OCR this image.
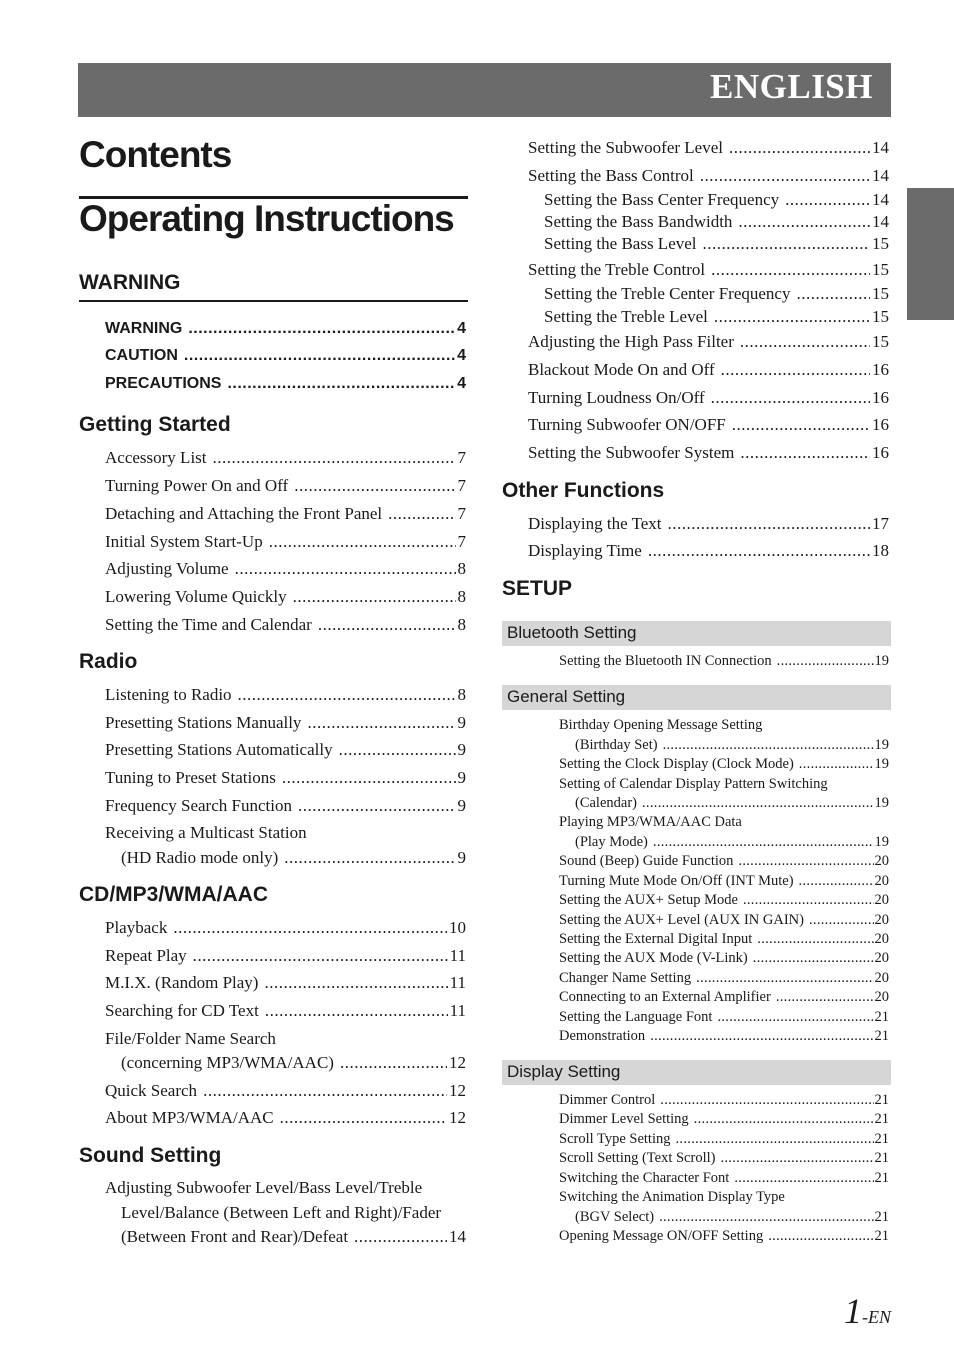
ENGLISH
Contents
Operating Instructions
WARNING
WARNING .....	4
CAUTION .....	4
PRECAUTIONS .....	4
Getting Started
Accessory List .....	7
Turning Power On and Off .....	7
Detaching and Attaching the Front Panel .....	7
Initial System Start-Up .....	7
Adjusting Volume .....	8
Lowering Volume Quickly .....	8
Setting the Time and Calendar .....	8
Radio
Listening to Radio .....	8
Presetting Stations Manually .....	9
Presetting Stations Automatically .....	9
Tuning to Preset Stations .....	9
Frequency Search Function .....	9
Receiving a Multicast Station
(HD Radio mode only) .....	9
CD/MP3/WMA/AAC
Playback .....	10
Repeat Play .....	11
M.I.X. (Random Play) .....	11
Searching for CD Text .....	11
File/Folder Name Search
(concerning MP3/WMA/AAC) .....	12
Quick Search .....	12
About MP3/WMA/AAC .....	12
Sound Setting
Adjusting Subwoofer Level/Bass Level/Treble
Level/Balance (Between Left and Right)/Fader
(Between Front and Rear)/Defeat .....	14
Setting the Subwoofer Level .....	14
Setting the Bass Control .....	14
Setting the Bass Center Frequency .....	14
Setting the Bass Bandwidth .....	14
Setting the Bass Level .....	15
Setting the Treble Control .....	15
Setting the Treble Center Frequency .....	15
Setting the Treble Level .....	15
Adjusting the High Pass Filter .....	15
Blackout Mode On and Off .....	16
Turning Loudness On/Off .....	16
Turning Subwoofer ON/OFF .....	16
Setting the Subwoofer System .....	16
Other Functions
Displaying the Text .....	17
Displaying Time .....	18
SETUP
Bluetooth Setting
Setting the Bluetooth IN Connection .....	19
General Setting
Birthday Opening Message Setting
(Birthday Set) .....	19
Setting the Clock Display (Clock Mode) .....	19
Setting of Calendar Display Pattern Switching
(Calendar) .....	19
Playing MP3/WMA/AAC Data
(Play Mode) .....	19
Sound (Beep) Guide Function .....	20
Turning Mute Mode On/Off (INT Mute) .....	20
Setting the AUX+ Setup Mode .....	20
Setting the AUX+ Level (AUX IN GAIN) .....	20
Setting the External Digital Input .....	20
Setting the AUX Mode (V-Link) .....	20
Changer Name Setting .....	20
Connecting to an External Amplifier .....	20
Setting the Language Font .....	21
Demonstration .....	21
Display Setting
Dimmer Control .....	21
Dimmer Level Setting .....	21
Scroll Type Setting .....	21
Scroll Setting (Text Scroll) .....	21
Switching the Character Font .....	21
Switching the Animation Display Type
(BGV Select) .....	21
Opening Message ON/OFF Setting .....	21
1-EN
